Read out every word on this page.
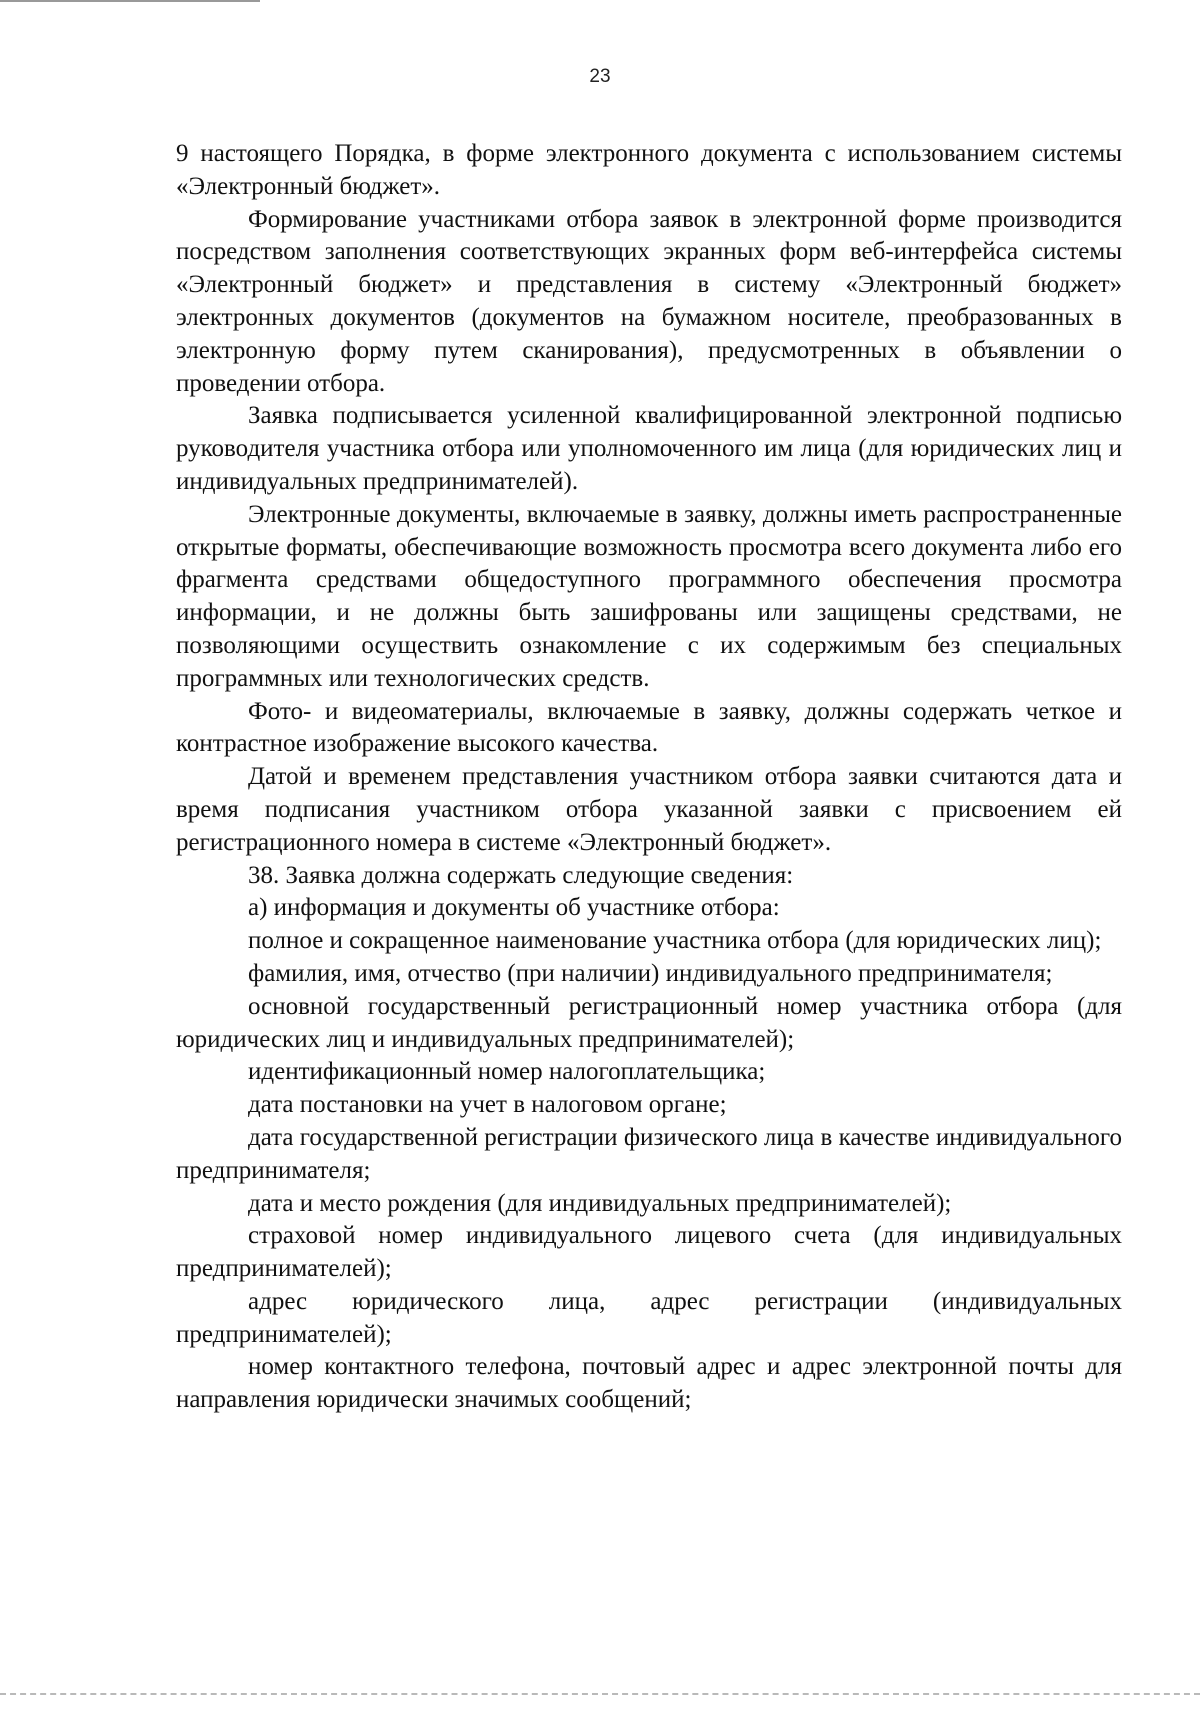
23

9 настоящего Порядка, в форме электронного документа с использованием системы «Электронный бюджет».

Формирование участниками отбора заявок в электронной форме производится посредством заполнения соответствующих экранных форм веб-интерфейса системы «Электронный бюджет» и представления в систему «Электронный бюджет» электронных документов (документов на бумажном носителе, преобразованных в электронную форму путем сканирования), предусмотренных в объявлении о проведении отбора.

Заявка подписывается усиленной квалифицированной электронной подписью руководителя участника отбора или уполномоченного им лица (для юридических лиц и индивидуальных предпринимателей).

Электронные документы, включаемые в заявку, должны иметь распространенные открытые форматы, обеспечивающие возможность просмотра всего документа либо его фрагмента средствами общедоступного программного обеспечения просмотра информации, и не должны быть зашифрованы или защищены средствами, не позволяющими осуществить ознакомление с их содержимым без специальных программных или технологических средств.

Фото- и видеоматериалы, включаемые в заявку, должны содержать четкое и контрастное изображение высокого качества.

Датой и временем представления участником отбора заявки считаются дата и время подписания участником отбора указанной заявки с присвоением ей регистрационного номера в системе «Электронный бюджет».

38. Заявка должна содержать следующие сведения:

а) информация и документы об участнике отбора:

полное и сокращенное наименование участника отбора (для юридических лиц);

фамилия, имя, отчество (при наличии) индивидуального предпринимателя;

основной государственный регистрационный номер участника отбора (для юридических лиц и индивидуальных предпринимателей);

идентификационный номер налогоплательщика;

дата постановки на учет в налоговом органе;

дата государственной регистрации физического лица в качестве индивидуального предпринимателя;

дата и место рождения (для индивидуальных предпринимателей);

страховой номер индивидуального лицевого счета (для индивидуальных предпринимателей);

адрес юридического лица, адрес регистрации (индивидуальных предпринимателей);

номер контактного телефона, почтовый адрес и адрес электронной почты для направления юридически значимых сообщений;
